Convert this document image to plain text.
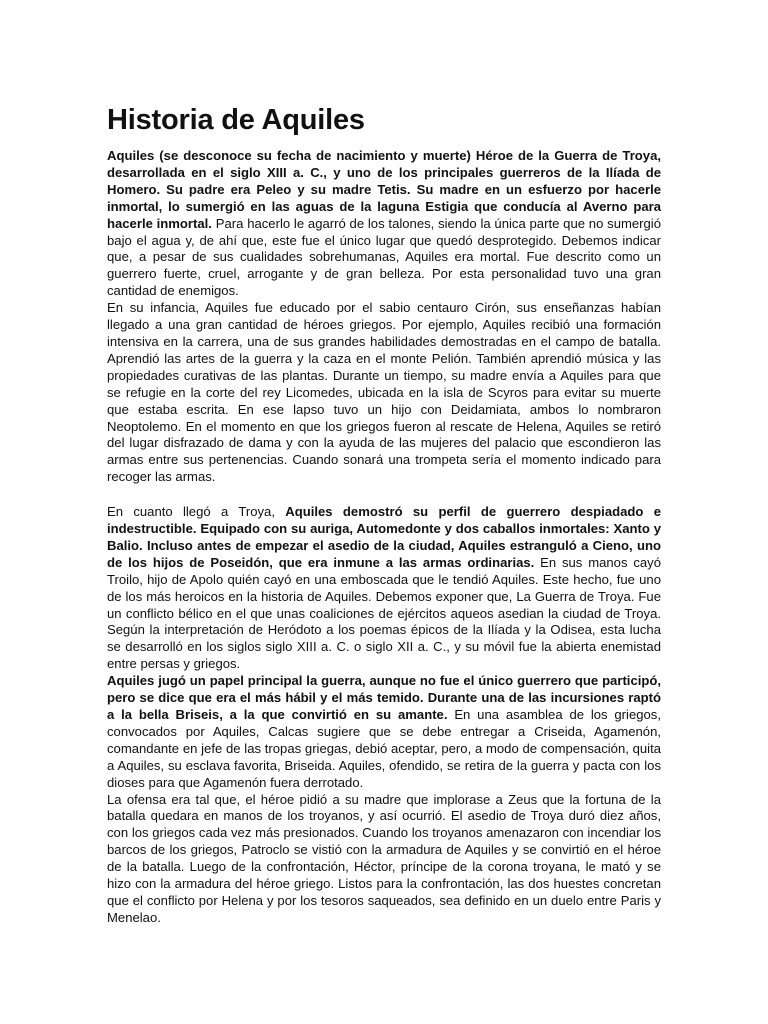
Historia de Aquiles

Aquiles (se desconoce su fecha de nacimiento y muerte) Héroe de la Guerra de Troya, desarrollada en el siglo XIII a. C., y uno de los principales guerreros de la Ilíada de Homero. Su padre era Peleo y su madre Tetis. Su madre en un esfuerzo por hacerle inmortal, lo sumergió en las aguas de la laguna Estigia que conducía al Averno para hacerle inmortal. Para hacerlo le agarró de los talones, siendo la única parte que no sumergió bajo el agua y, de ahí que, este fue el único lugar que quedó desprotegido. Debemos indicar que, a pesar de sus cualidades sobrehumanas, Aquiles era mortal. Fue descrito como un guerrero fuerte, cruel, arrogante y de gran belleza. Por esta personalidad tuvo una gran cantidad de enemigos.

En su infancia, Aquiles fue educado por el sabio centauro Cirón, sus enseñanzas habían llegado a una gran cantidad de héroes griegos. Por ejemplo, Aquiles recibió una formación intensiva en la carrera, una de sus grandes habilidades demostradas en el campo de batalla. Aprendió las artes de la guerra y la caza en el monte Pelión. También aprendió música y las propiedades curativas de las plantas. Durante un tiempo, su madre envía a Aquiles para que se refugie en la corte del rey Licomedes, ubicada en la isla de Scyros para evitar su muerte que estaba escrita. En ese lapso tuvo un hijo con Deidamiata, ambos lo nombraron Neoptolemo. En el momento en que los griegos fueron al rescate de Helena, Aquiles se retiró del lugar disfrazado de dama y con la ayuda de las mujeres del palacio que escondieron las armas entre sus pertenencias. Cuando sonará una trompeta sería el momento indicado para recoger las armas.

En cuanto llegó a Troya, Aquiles demostró su perfil de guerrero despiadado e indestructible. Equipado con su auriga, Automedonte y dos caballos inmortales: Xanto y Balio. Incluso antes de empezar el asedio de la ciudad, Aquiles estranguló a Cieno, uno de los hijos de Poseidón, que era inmune a las armas ordinarias. En sus manos cayó Troilo, hijo de Apolo quién cayó en una emboscada que le tendió Aquiles. Este hecho, fue uno de los más heroicos en la historia de Aquiles. Debemos exponer que, La Guerra de Troya. Fue un conflicto bélico en el que unas coaliciones de ejércitos aqueos asedian la ciudad de Troya. Según la interpretación de Heródoto a los poemas épicos de la Ilíada y la Odisea, esta lucha se desarrolló en los siglos siglo XIII a. C. o siglo XII a. C., y su móvil fue la abierta enemistad entre persas y griegos.

Aquiles jugó un papel principal la guerra, aunque no fue el único guerrero que participó, pero se dice que era el más hábil y el más temido. Durante una de las incursiones raptó a la bella Briseis, a la que convirtió en su amante. En una asamblea de los griegos, convocados por Aquiles, Calcas sugiere que se debe entregar a Criseida, Agamenón, comandante en jefe de las tropas griegas, debió aceptar, pero, a modo de compensación, quita a Aquiles, su esclava favorita, Briseida. Aquiles, ofendido, se retira de la guerra y pacta con los dioses para que Agamenón fuera derrotado.

La ofensa era tal que, el héroe pidió a su madre que implorase a Zeus que la fortuna de la batalla quedara en manos de los troyanos, y así ocurrió. El asedio de Troya duró diez años, con los griegos cada vez más presionados. Cuando los troyanos amenazaron con incendiar los barcos de los griegos, Patroclo se vistió con la armadura de Aquiles y se convirtió en el héroe de la batalla. Luego de la confrontación, Héctor, príncipe de la corona troyana, le mató y se hizo con la armadura del héroe griego. Listos para la confrontación, las dos huestes concretan que el conflicto por Helena y por los tesoros saqueados, sea definido en un duelo entre Paris y Menelao.
